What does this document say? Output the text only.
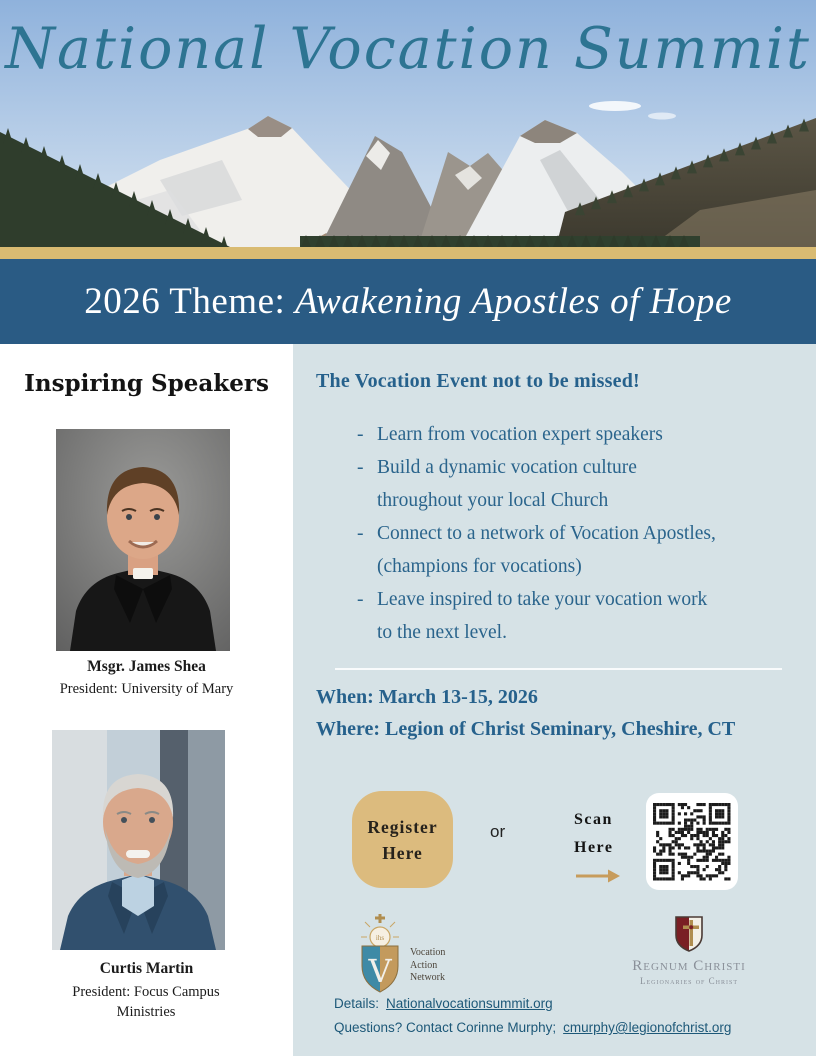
National Vocation Summit
2026 Theme: Awakening Apostles of Hope
Inspiring Speakers
Msgr. James Shea
President: University of Mary
Curtis Martin
President: Focus Campus Ministries
The Vocation Event not to be missed!
- Learn from vocation expert speakers
- Build a dynamic vocation culture throughout your local Church
- Connect to a network of Vocation Apostles, (champions for vocations)
- Leave inspired to take your vocation work to the next level.
When: March 13-15, 2026
Where: Legion of Christ Seminary, Cheshire, CT
Register
Here
or
Scan
Here
ihs
V Vocation
Action
Network
Regnum Christi
Legionaries of Christ
Details: Nationalvocationsummit.org
Questions? Contact Corinne Murphy; cmurphy@legionofchrist.org
